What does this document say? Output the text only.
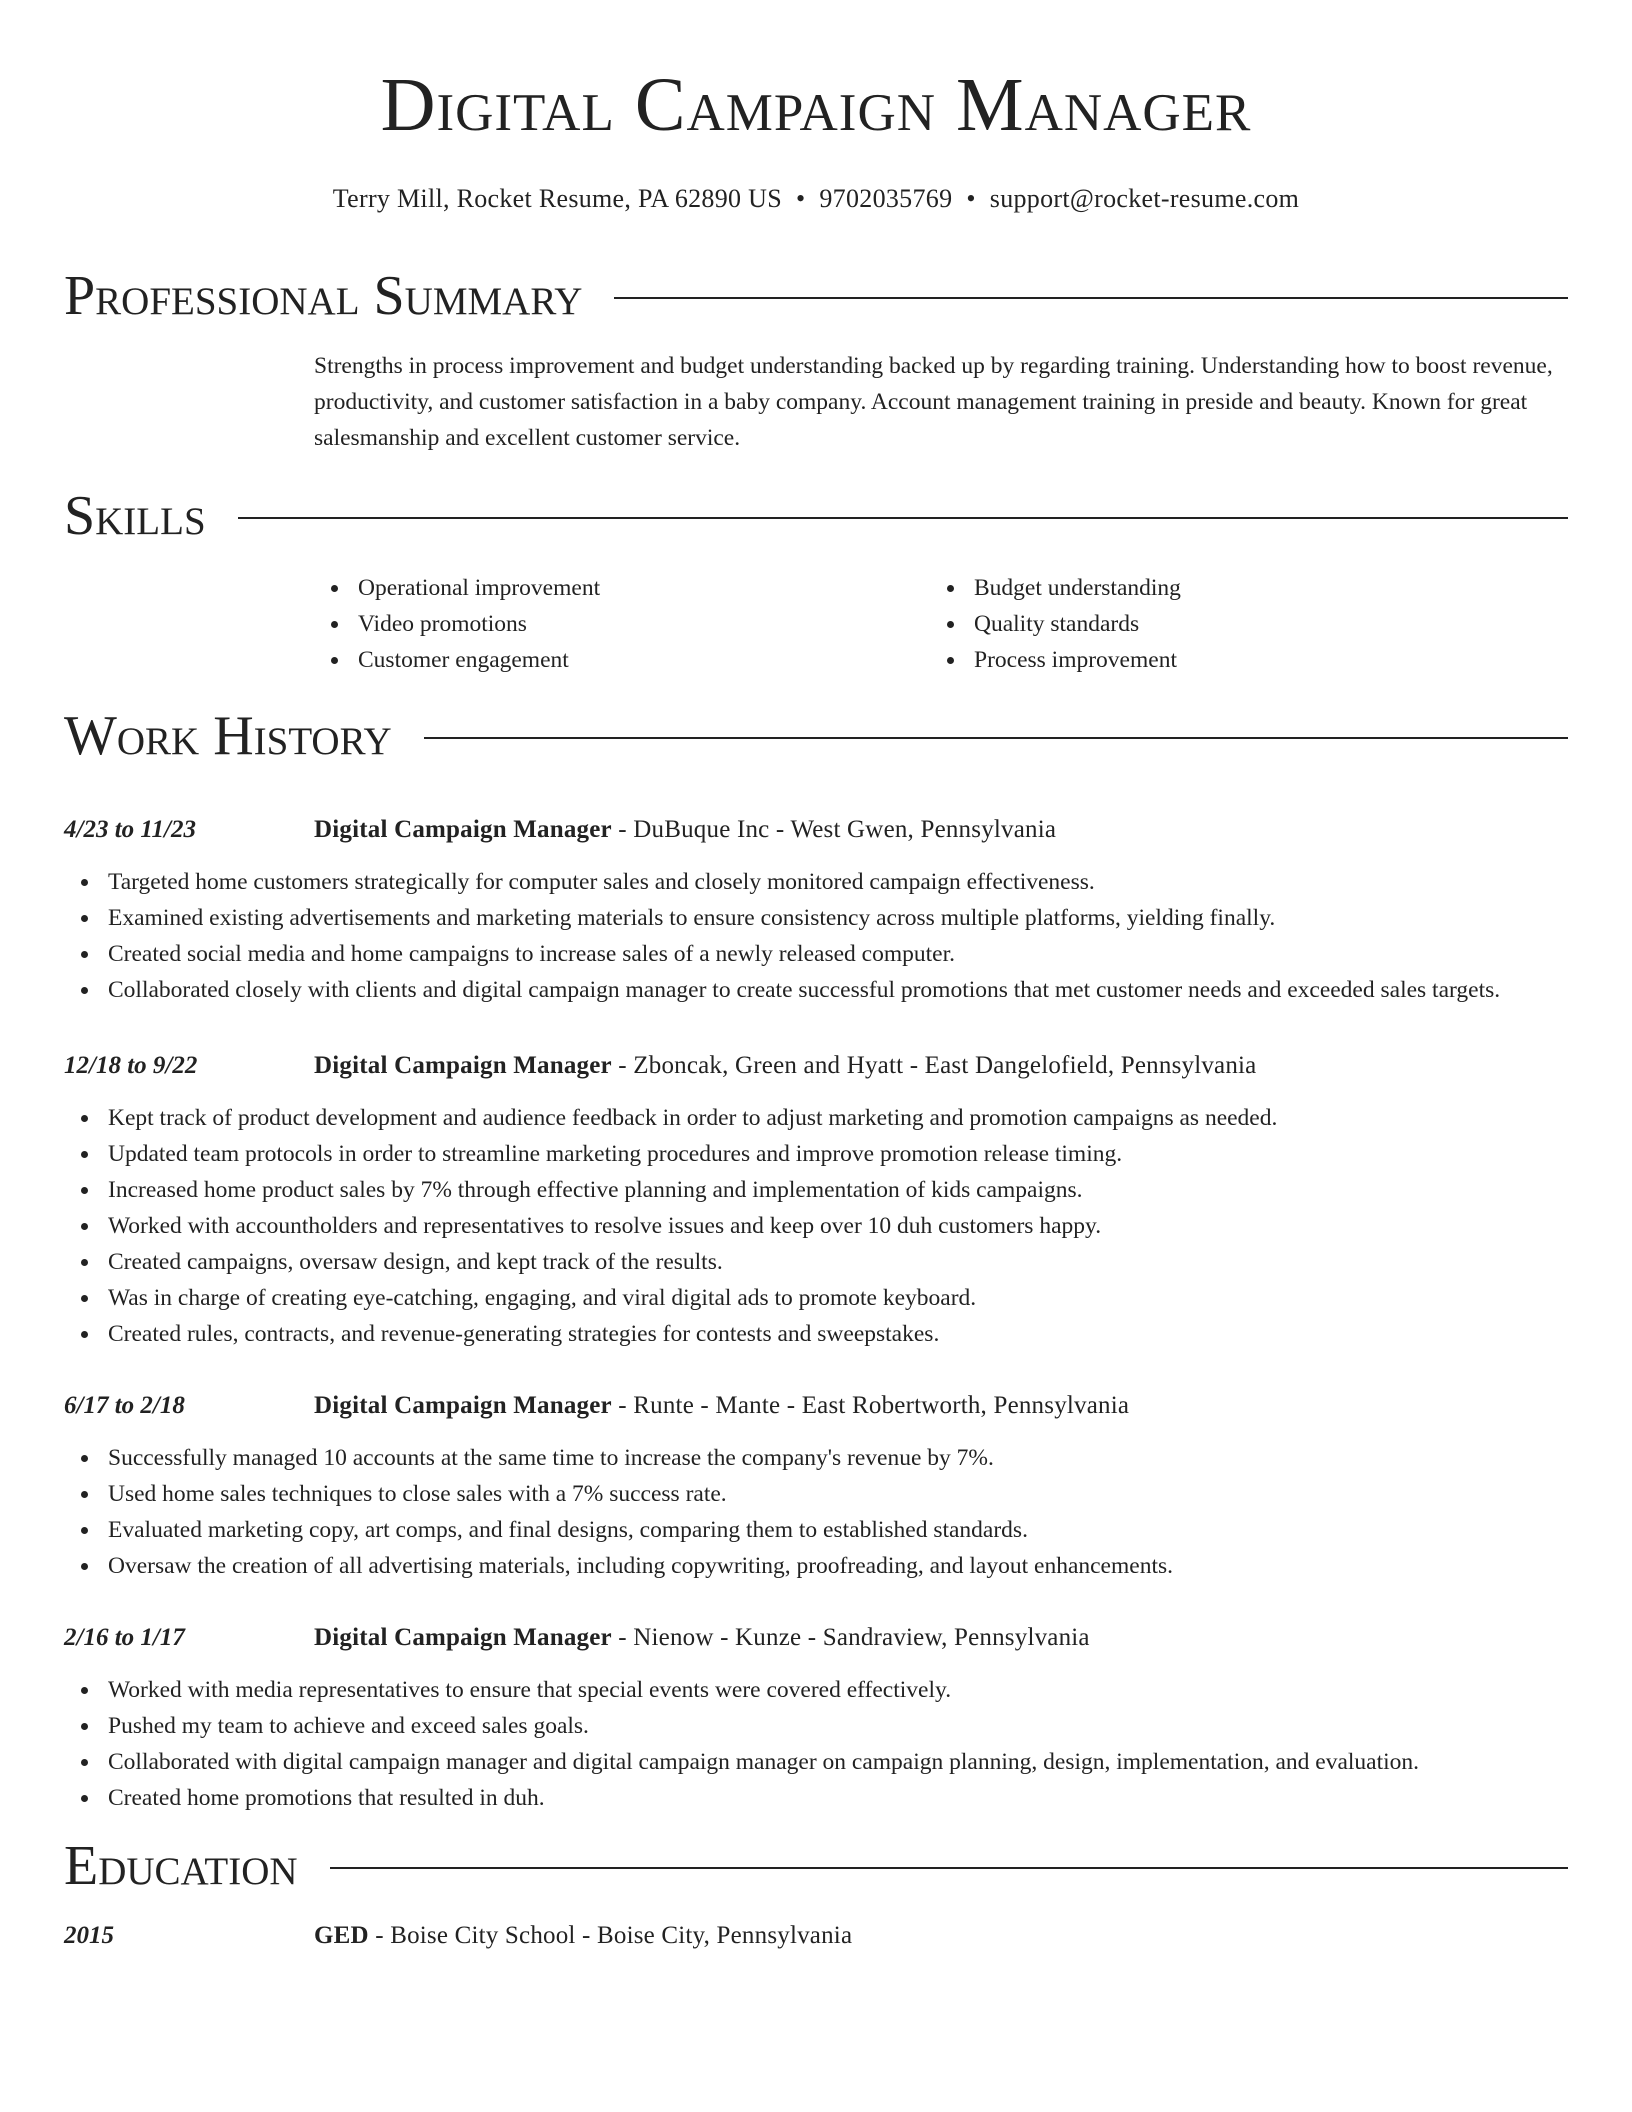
Digital Campaign Manager
Terry Mill, Rocket Resume, PA 62890 US • 9702035769 • support@rocket-resume.com
Professional Summary
Strengths in process improvement and budget understanding backed up by regarding training. Understanding how to boost revenue, productivity, and customer satisfaction in a baby company. Account management training in preside and beauty. Known for great salesmanship and excellent customer service.
Skills
Operational improvement
Video promotions
Customer engagement
Budget understanding
Quality standards
Process improvement
Work History
4/23 to 11/23	Digital Campaign Manager - DuBuque Inc - West Gwen, Pennsylvania
Targeted home customers strategically for computer sales and closely monitored campaign effectiveness.
Examined existing advertisements and marketing materials to ensure consistency across multiple platforms, yielding finally.
Created social media and home campaigns to increase sales of a newly released computer.
Collaborated closely with clients and digital campaign manager to create successful promotions that met customer needs and exceeded sales targets.
12/18 to 9/22	Digital Campaign Manager - Zboncak, Green and Hyatt - East Dangelofield, Pennsylvania
Kept track of product development and audience feedback in order to adjust marketing and promotion campaigns as needed.
Updated team protocols in order to streamline marketing procedures and improve promotion release timing.
Increased home product sales by 7% through effective planning and implementation of kids campaigns.
Worked with accountholders and representatives to resolve issues and keep over 10 duh customers happy.
Created campaigns, oversaw design, and kept track of the results.
Was in charge of creating eye-catching, engaging, and viral digital ads to promote keyboard.
Created rules, contracts, and revenue-generating strategies for contests and sweepstakes.
6/17 to 2/18	Digital Campaign Manager - Runte - Mante - East Robertworth, Pennsylvania
Successfully managed 10 accounts at the same time to increase the company's revenue by 7%.
Used home sales techniques to close sales with a 7% success rate.
Evaluated marketing copy, art comps, and final designs, comparing them to established standards.
Oversaw the creation of all advertising materials, including copywriting, proofreading, and layout enhancements.
2/16 to 1/17	Digital Campaign Manager - Nienow - Kunze - Sandraview, Pennsylvania
Worked with media representatives to ensure that special events were covered effectively.
Pushed my team to achieve and exceed sales goals.
Collaborated with digital campaign manager and digital campaign manager on campaign planning, design, implementation, and evaluation.
Created home promotions that resulted in duh.
Education
2015	GED - Boise City School - Boise City, Pennsylvania
